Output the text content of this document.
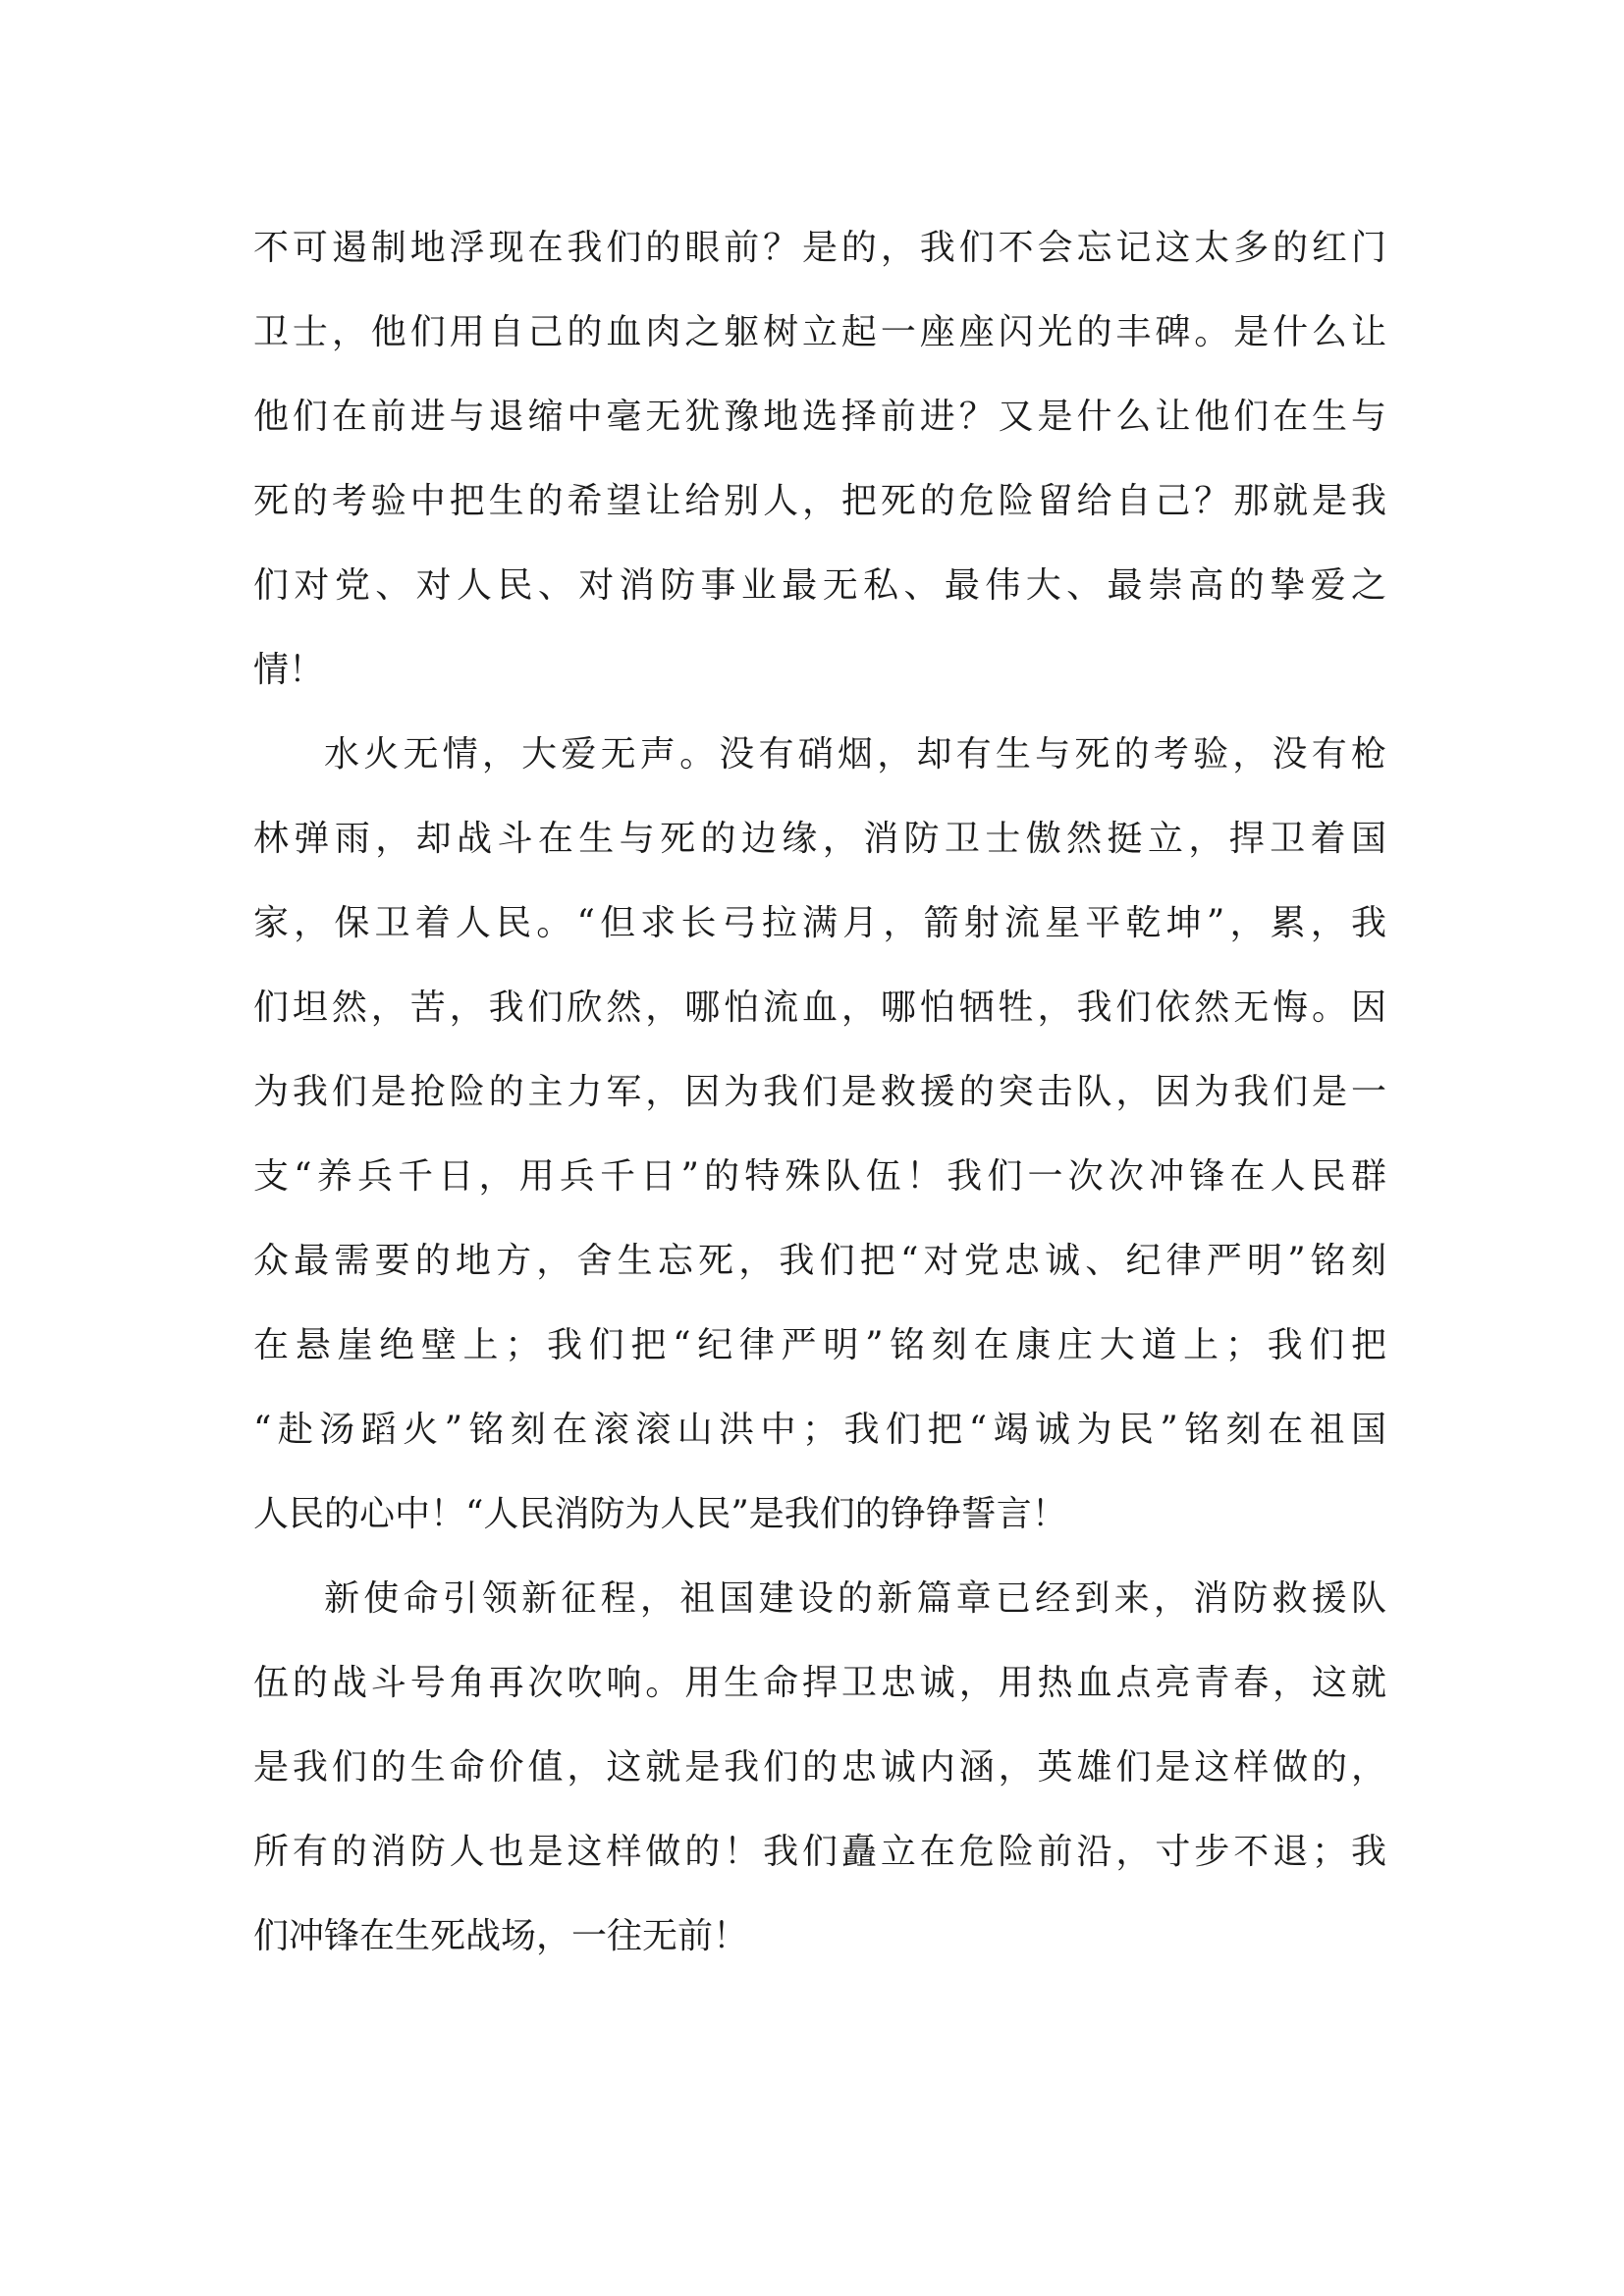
不可遏制地浮现在我们的眼前？是的，我们不会忘记这太多的红门
卫士，他们用自己的血肉之躯树立起一座座闪光的丰碑。是什么让
他们在前进与退缩中毫无犹豫地选择前进？又是什么让他们在生与
死的考验中把生的希望让给别人，把死的危险留给自己？那就是我
们对党、对人民、对消防事业最无私、最伟大、最崇高的挚爱之
情！
水火无情，大爱无声。没有硝烟，却有生与死的考验，没有枪
林弹雨，却战斗在生与死的边缘，消防卫士傲然挺立，捍卫着国
家，保卫着人民。“但求长弓拉满月，箭射流星平乾坤”，累，我
们坦然，苦，我们欣然，哪怕流血，哪怕牺牲，我们依然无悔。因
为我们是抢险的主力军，因为我们是救援的突击队，因为我们是一
支“养兵千日，用兵千日”的特殊队伍！我们一次次冲锋在人民群
众最需要的地方，舍生忘死，我们把“对党忠诚、纪律严明”铭刻
在悬崖绝壁上；我们把“纪律严明”铭刻在康庄大道上；我们把
“赴汤蹈火”铭刻在滚滚山洪中；我们把“竭诚为民”铭刻在祖国
人民的心中！“人民消防为人民”是我们的铮铮誓言！
新使命引领新征程，祖国建设的新篇章已经到来，消防救援队
伍的战斗号角再次吹响。用生命捍卫忠诚，用热血点亮青春，这就
是我们的生命价值，这就是我们的忠诚内涵，英雄们是这样做的，
所有的消防人也是这样做的！我们矗立在危险前沿，寸步不退；我
们冲锋在生死战场，一往无前！
